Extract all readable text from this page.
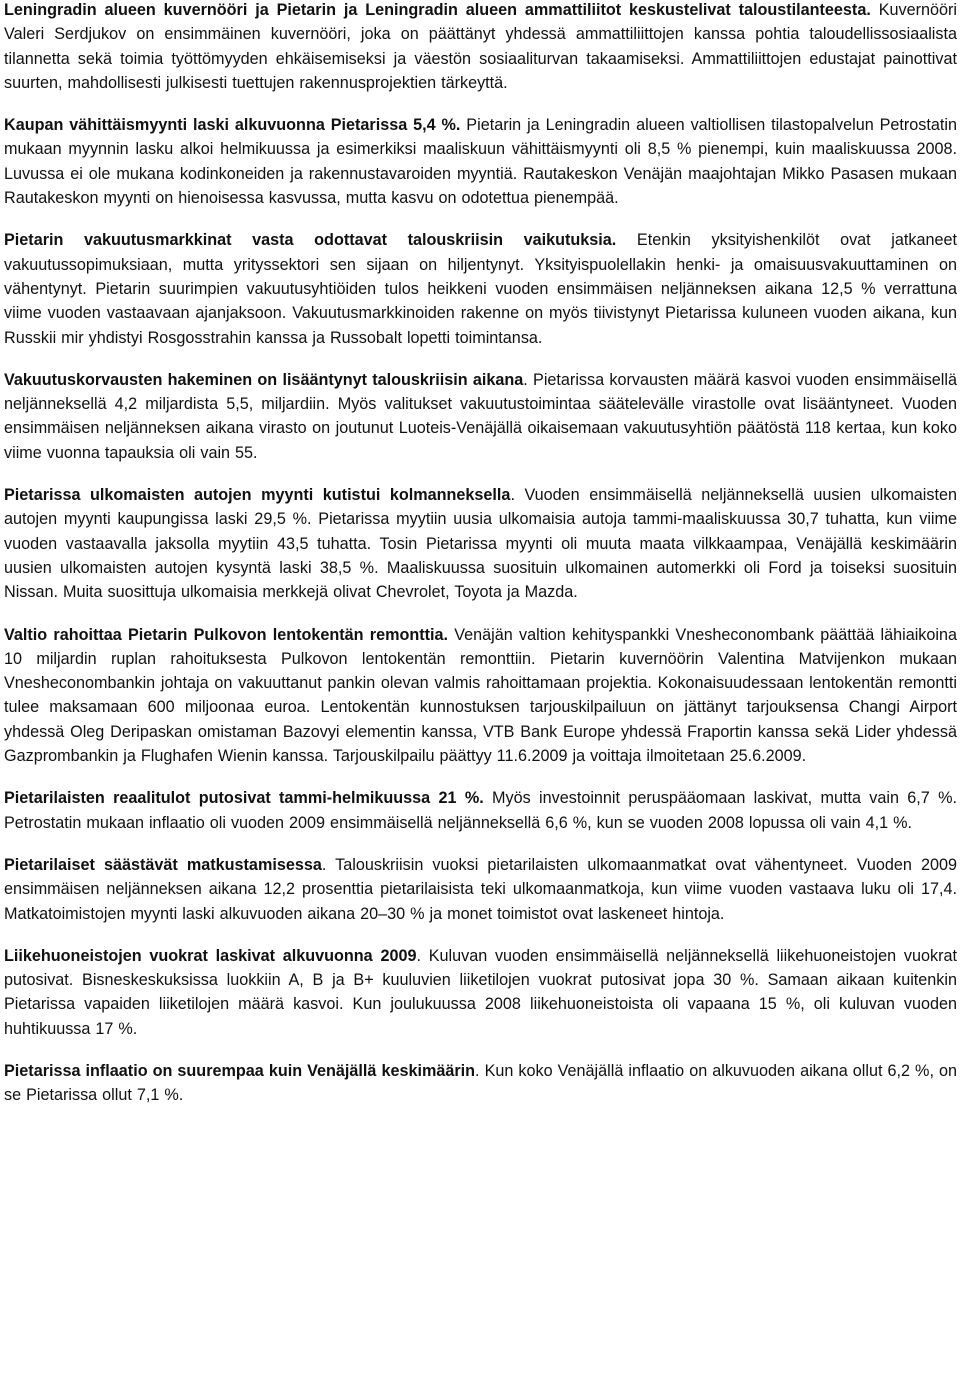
Leningradin alueen kuvernööri ja Pietarin ja Leningradin alueen ammattiliitot keskustelivat taloustilanteesta. Kuvernööri Valeri Serdjukov on ensimmäinen kuvernööri, joka on päättänyt yhdessä ammattiliittojen kanssa pohtia taloudellissosiaalista tilannetta sekä toimia työttömyyden ehkäisemiseksi ja väestön sosiaaliturvan takaamiseksi. Ammattiliittojen edustajat painottivat suurten, mahdollisesti julkisesti tuettujen rakennusprojektien tärkeyttä.

Kaupan vähittäismyynti laski alkuvuonna Pietarissa 5,4 %. Pietarin ja Leningradin alueen valtiollisen tilastopalvelun Petrostatin mukaan myynnin lasku alkoi helmikuussa ja esimerkiksi maaliskuun vähittäismyynti oli 8,5 % pienempi, kuin maaliskuussa 2008. Luvussa ei ole mukana kodinkoneiden ja rakennustavaroiden myyntiä. Rautakeskon Venäjän maajohtajan Mikko Pasasen mukaan Rautakeskon myynti on hienoisessa kasvussa, mutta kasvu on odotettua pienempää.

Pietarin vakuutusmarkkinat vasta odottavat talouskriisin vaikutuksia. Etenkin yksityishenkilöt ovat jatkaneet vakuutussopimuksiaan, mutta yrityssektori sen sijaan on hiljentynyt. Yksityispuolellakin henki- ja omaisuusvakuuttaminen on vähentynyt. Pietarin suurimpien vakuutusyhtiöiden tulos heikkeni vuoden ensimmäisen neljänneksen aikana 12,5 % verrattuna viime vuoden vastaavaan ajanjaksoon. Vakuutusmarkkinoiden rakenne on myös tiivistynyt Pietarissa kuluneen vuoden aikana, kun Russkii mir yhdistyi Rosgosstrahin kanssa ja Russobalt lopetti toimintansa.

Vakuutuskorvausten hakeminen on lisääntynyt talouskriisin aikana. Pietarissa korvausten määrä kasvoi vuoden ensimmäisellä neljänneksellä 4,2 miljardista 5,5, miljardiin. Myös valitukset vakuutustoimintaa säätelevälle virastolle ovat lisääntyneet. Vuoden ensimmäisen neljänneksen aikana virasto on joutunut Luoteis-Venäjällä oikaisemaan vakuutusyhtiön päätöstä 118 kertaa, kun koko viime vuonna tapauksia oli vain 55.

Pietarissa ulkomaisten autojen myynti kutistui kolmanneksella. Vuoden ensimmäisellä neljänneksellä uusien ulkomaisten autojen myynti kaupungissa laski 29,5 %. Pietarissa myytiin uusia ulkomaisia autoja tammi-maaliskuussa 30,7 tuhatta, kun viime vuoden vastaavalla jaksolla myytiin 43,5 tuhatta. Tosin Pietarissa myynti oli muuta maata vilkkaampaa, Venäjällä keskimäärin uusien ulkomaisten autojen kysyntä laski 38,5 %. Maaliskuussa suosituin ulkomainen automerkki oli Ford ja toiseksi suosituin Nissan. Muita suosittuja ulkomaisia merkkejä olivat Chevrolet, Toyota ja Mazda.

Valtio rahoittaa Pietarin Pulkovon lentokentän remonttia. Venäjän valtion kehityspankki Vnesheconombank päättää lähiaikoina 10 miljardin ruplan rahoituksesta Pulkovon lentokentän remonttiin. Pietarin kuvernöörin Valentina Matvijenkon mukaan Vnesheconombankin johtaja on vakuuttanut pankin olevan valmis rahoittamaan projektia. Kokonaisuudessaan lentokentän remontti tulee maksamaan 600 miljoonaa euroa. Lentokentän kunnostuksen tarjouskilpailuun on jättänyt tarjouksensa Changi Airport yhdessä Oleg Deripaskan omistaman Bazovyi elementin kanssa, VTB Bank Europe yhdessä Fraportin kanssa sekä Lider yhdessä Gazprombankin ja Flughafen Wienin kanssa. Tarjouskilpailu päättyy 11.6.2009 ja voittaja ilmoitetaan 25.6.2009.

Pietarilaisten reaalitulot putosivat tammi-helmikuussa 21 %. Myös investoinnit peruspääomaan laskivat, mutta vain 6,7 %. Petrostatin mukaan inflaatio oli vuoden 2009 ensimmäisellä neljänneksellä 6,6 %, kun se vuoden 2008 lopussa oli vain 4,1 %.

Pietarilaiset säästävät matkustamisessa. Talouskriisin vuoksi pietarilaisten ulkomaanmatkat ovat vähentyneet. Vuoden 2009 ensimmäisen neljänneksen aikana 12,2 prosenttia pietarilaisista teki ulkomaanmatkoja, kun viime vuoden vastaava luku oli 17,4. Matkatoimistojen myynti laski alkuvuoden aikana 20–30 % ja monet toimistot ovat laskeneet hintoja.

Liikehuoneistojen vuokrat laskivat alkuvuonna 2009. Kuluvan vuoden ensimmäisellä neljänneksellä liikehuoneistojen vuokrat putosivat. Bisneskeskuksissa luokkiin A, B ja B+ kuuluvien liiketilojen vuokrat putosivat jopa 30 %. Samaan aikaan kuitenkin Pietarissa vapaiden liiketilojen määrä kasvoi. Kun joulukuussa 2008 liikehuoneistoista oli vapaana 15 %, oli kuluvan vuoden huhtikuussa 17 %.

Pietarissa inflaatio on suurempaa kuin Venäjällä keskimäärin. Kun koko Venäjällä inflaatio on alkuvuoden aikana ollut 6,2 %, on se Pietarissa ollut 7,1 %.
